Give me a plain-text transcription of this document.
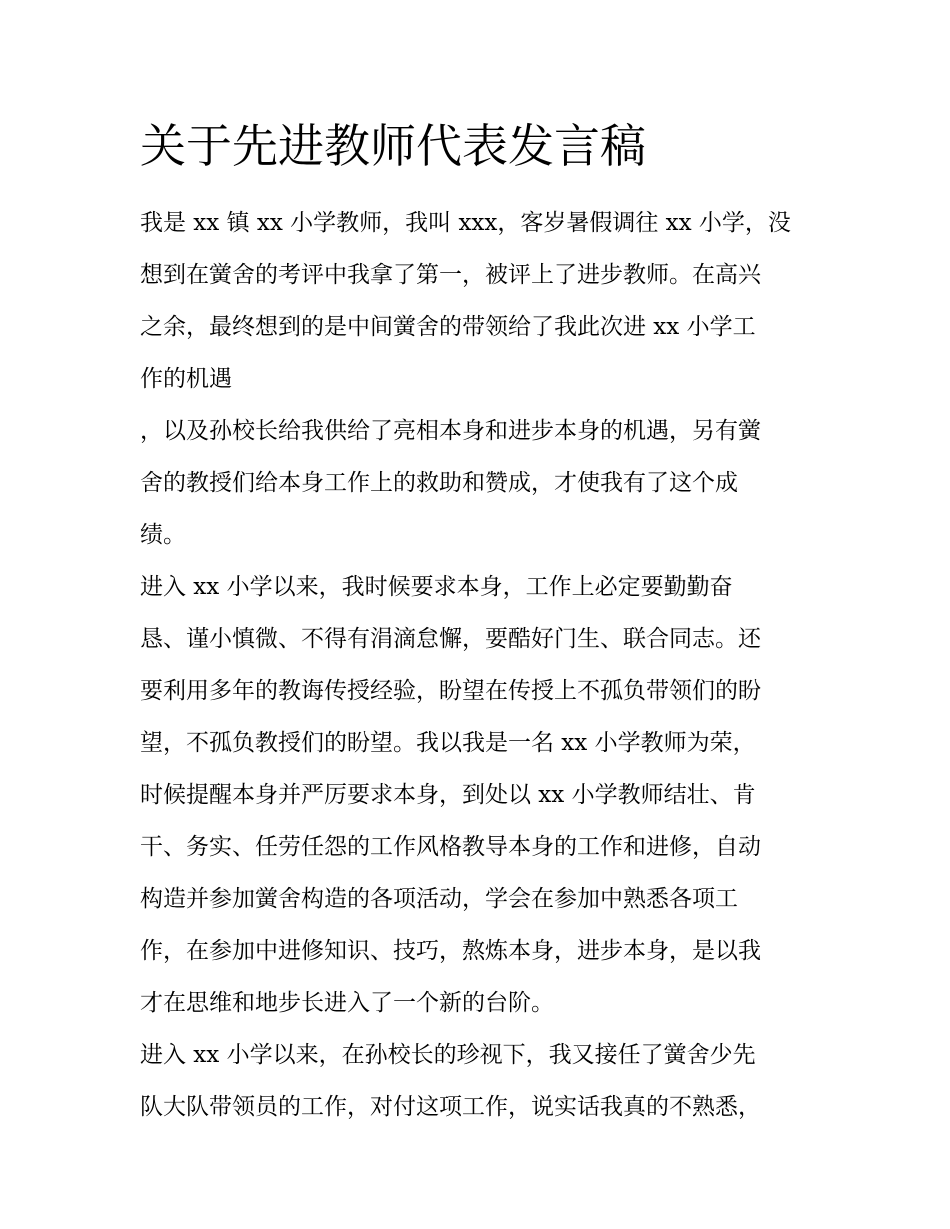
关于先进教师代表发言稿
我是 xx 镇 xx 小学教师，我叫 xxx，客岁暑假调往 xx 小学，没
想到在黉舍的考评中我拿了第一，被评上了进步教师。在高兴
之余，最终想到的是中间黉舍的带领给了我此次进 xx 小学工
作的机遇
，以及孙校长给我供给了亮相本身和进步本身的机遇，另有黉
舍的教授们给本身工作上的救助和赞成，才使我有了这个成
绩。
进入 xx 小学以来，我时候要求本身，工作上必定要勤勤奋
恳、谨小慎微、不得有涓滴怠懈，要酷好门生、联合同志。还
要利用多年的教诲传授经验，盼望在传授上不孤负带领们的盼
望，不孤负教授们的盼望。我以我是一名 xx 小学教师为荣，
时候提醒本身并严厉要求本身，到处以 xx 小学教师结壮、肯
干、务实、任劳任怨的工作风格教导本身的工作和进修，自动
构造并参加黉舍构造的各项活动，学会在参加中熟悉各项工
作，在参加中进修知识、技巧，熬炼本身，进步本身，是以我
才在思维和地步长进入了一个新的台阶。
进入 xx 小学以来，在孙校长的珍视下，我又接任了黉舍少先
队大队带领员的工作，对付这项工作，说实话我真的不熟悉，
